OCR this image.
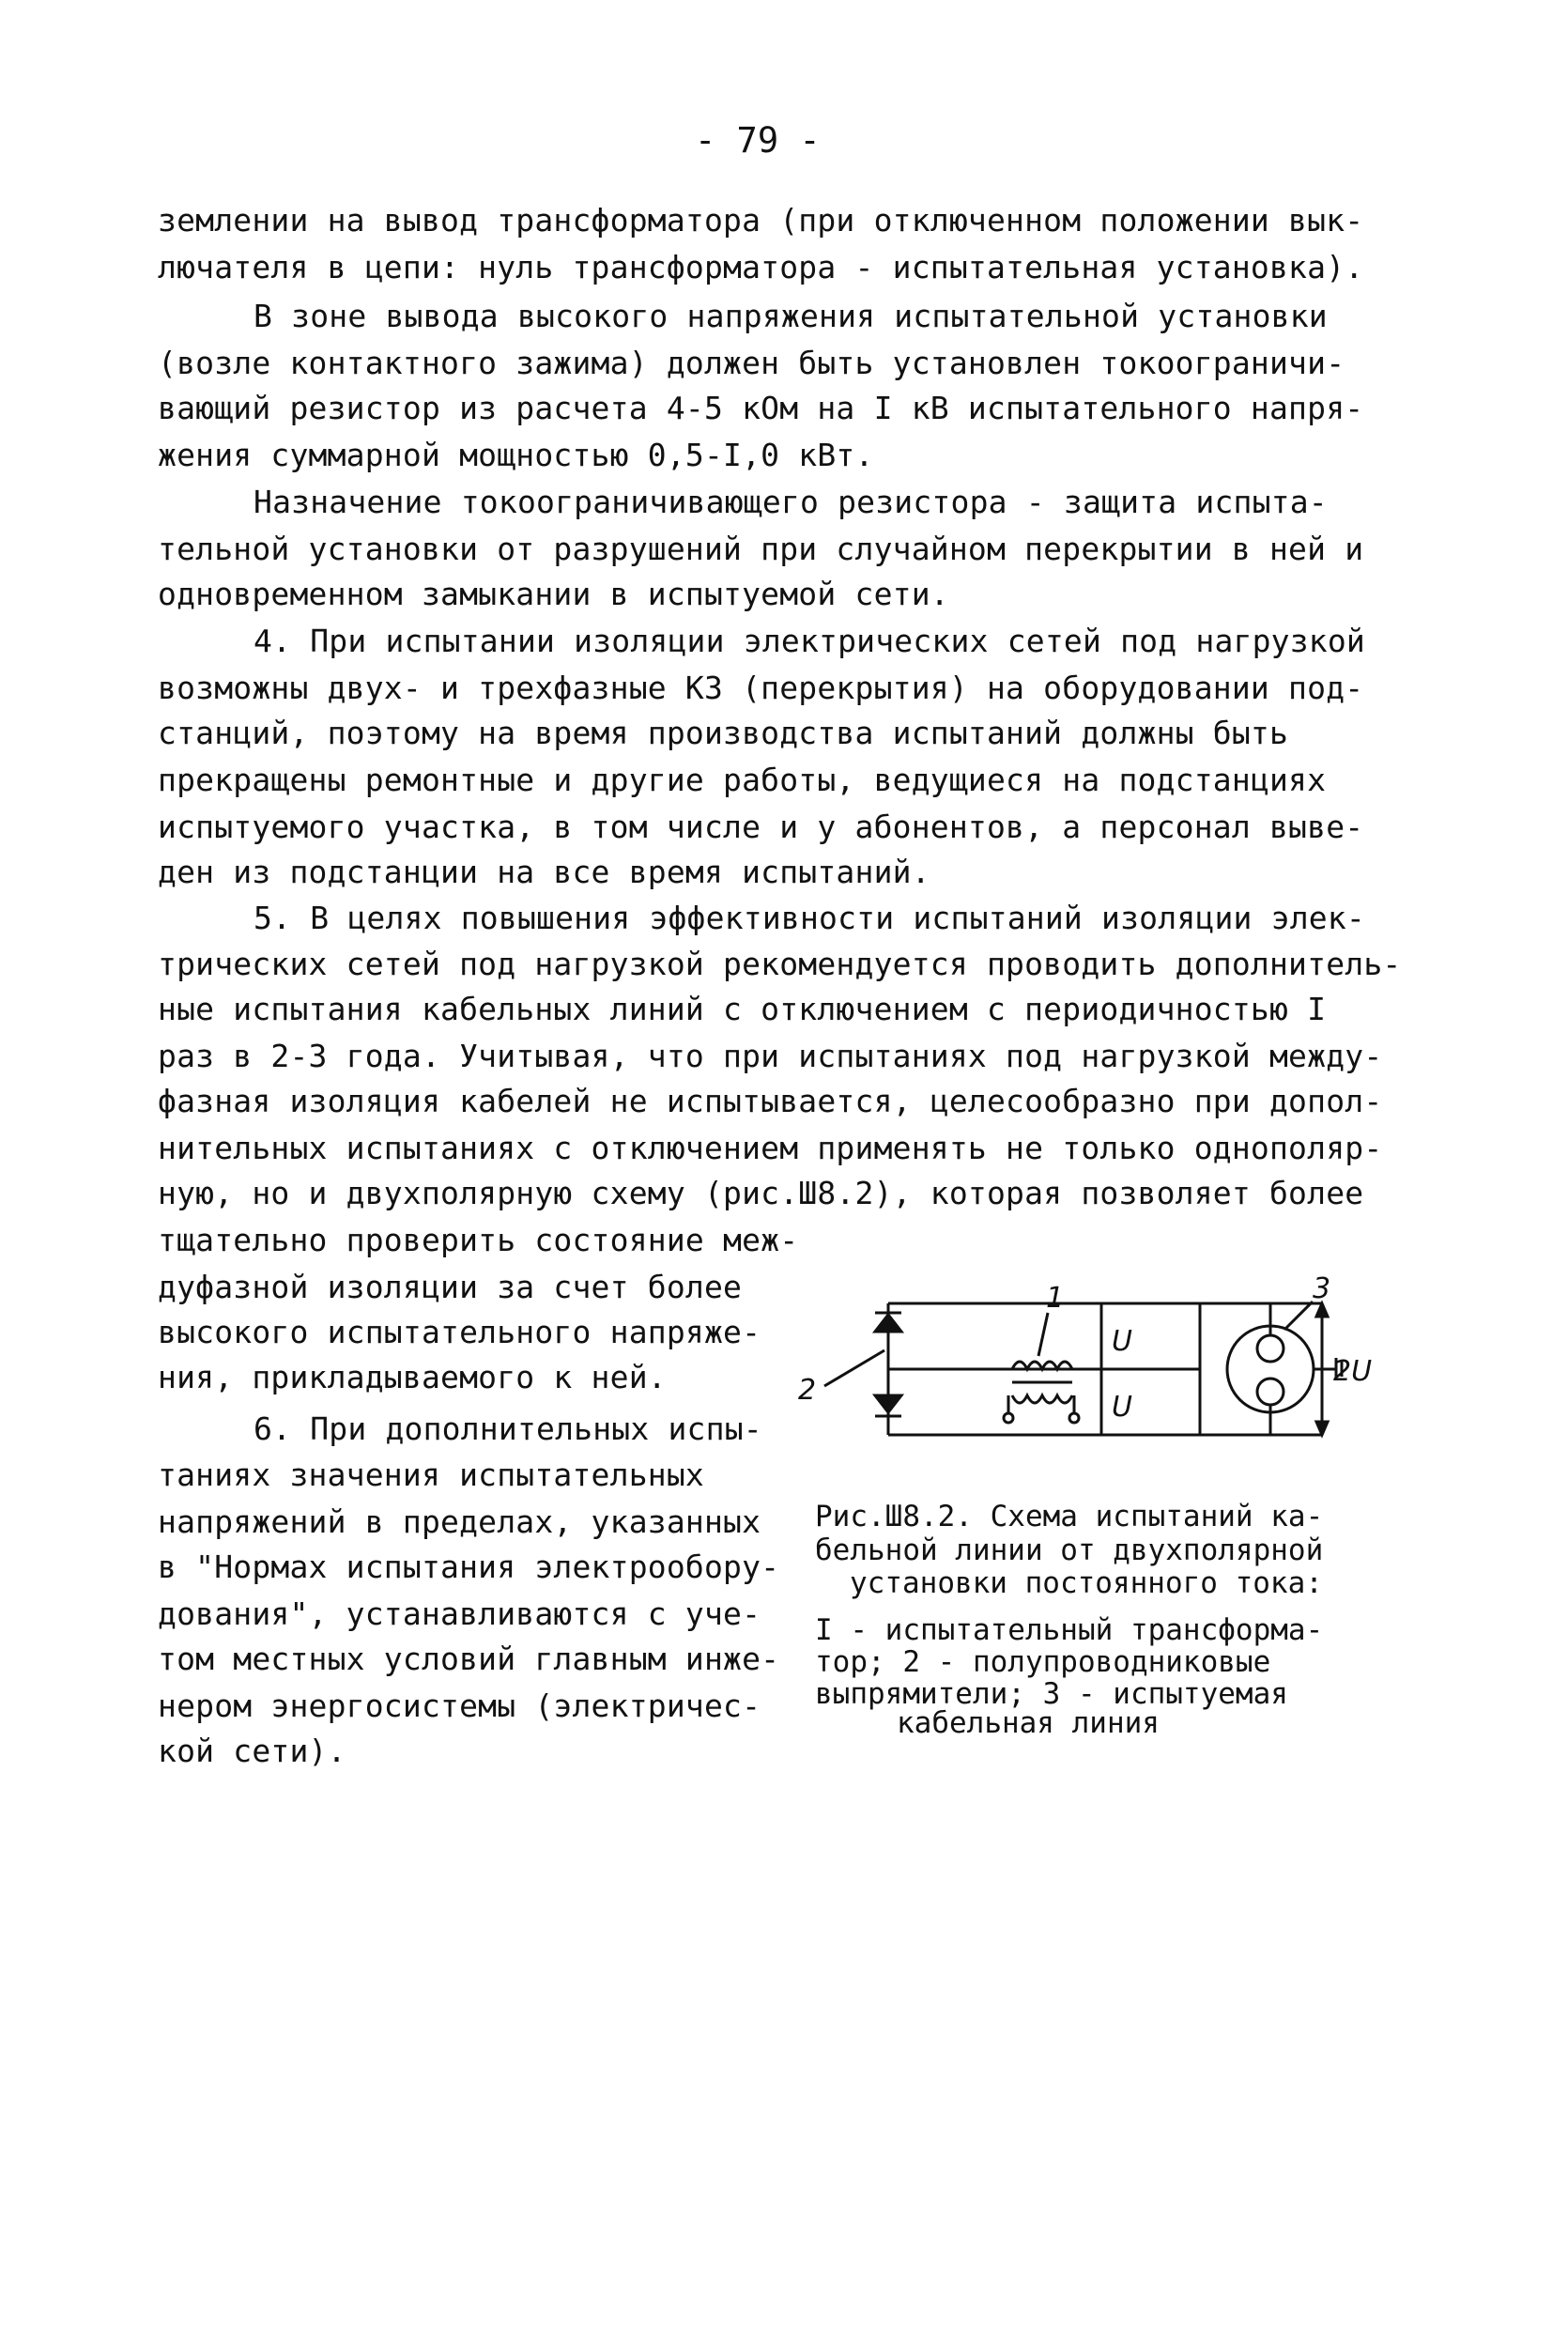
- 79 -
землении на вывод трансформатора (при отключенном положении вык-
лючателя в цепи: нуль трансформатора - испытательная установка).
В зоне вывода высокого напряжения испытательной установки
(возле контактного зажима) должен быть установлен токоограничи-
вающий резистор из расчета 4-5 кОм на I кВ испытательного напря-
жения суммарной мощностью 0,5-I,0 кВт.
Назначение токоограничивающего резистора - защита испыта-
тельной установки от разрушений при случайном перекрытии в ней и
одновременном замыкании в испытуемой сети.
4. При испытании изоляции электрических сетей под нагрузкой
возможны двух- и трехфазные КЗ (перекрытия) на оборудовании под-
станций, поэтому на время производства испытаний должны быть
прекращены ремонтные и другие работы, ведущиеся на подстанциях
испытуемого участка, в том числе и у абонентов, а персонал выве-
ден из подстанции на все время испытаний.
5. В целях повышения эффективности испытаний изоляции элек-
трических сетей под нагрузкой рекомендуется проводить дополнитель-
ные испытания кабельных линий с отключением с периодичностью I
раз в 2-3 года. Учитывая, что при испытаниях под нагрузкой между-
фазная изоляция кабелей не испытывается, целесообразно при допол-
нительных испытаниях с отключением применять не только однополяр-
ную, но и двухполярную схему (рис.Ш8.2), которая позволяет более
тщательно проверить состояние меж-
дуфазной изоляции за счет более
высокого испытательного напряже-
ния, прикладываемого к ней.
6. При дополнительных испы-
таниях значения испытательных
напряжений в пределах, указанных
в "Нормах испытания электрообору-
дования", устанавливаются с уче-
том местных условий главным инже-
нером энергосистемы (электричес-
кой сети).
2
1
U
U
3
2U
Рис.Ш8.2. Схема испытаний ка-
бельной линии от двухполярной
установки постоянного тока:
I - испытательный трансформа-
тор; 2 - полупроводниковые
выпрямители; 3 - испытуемая
кабельная линия
